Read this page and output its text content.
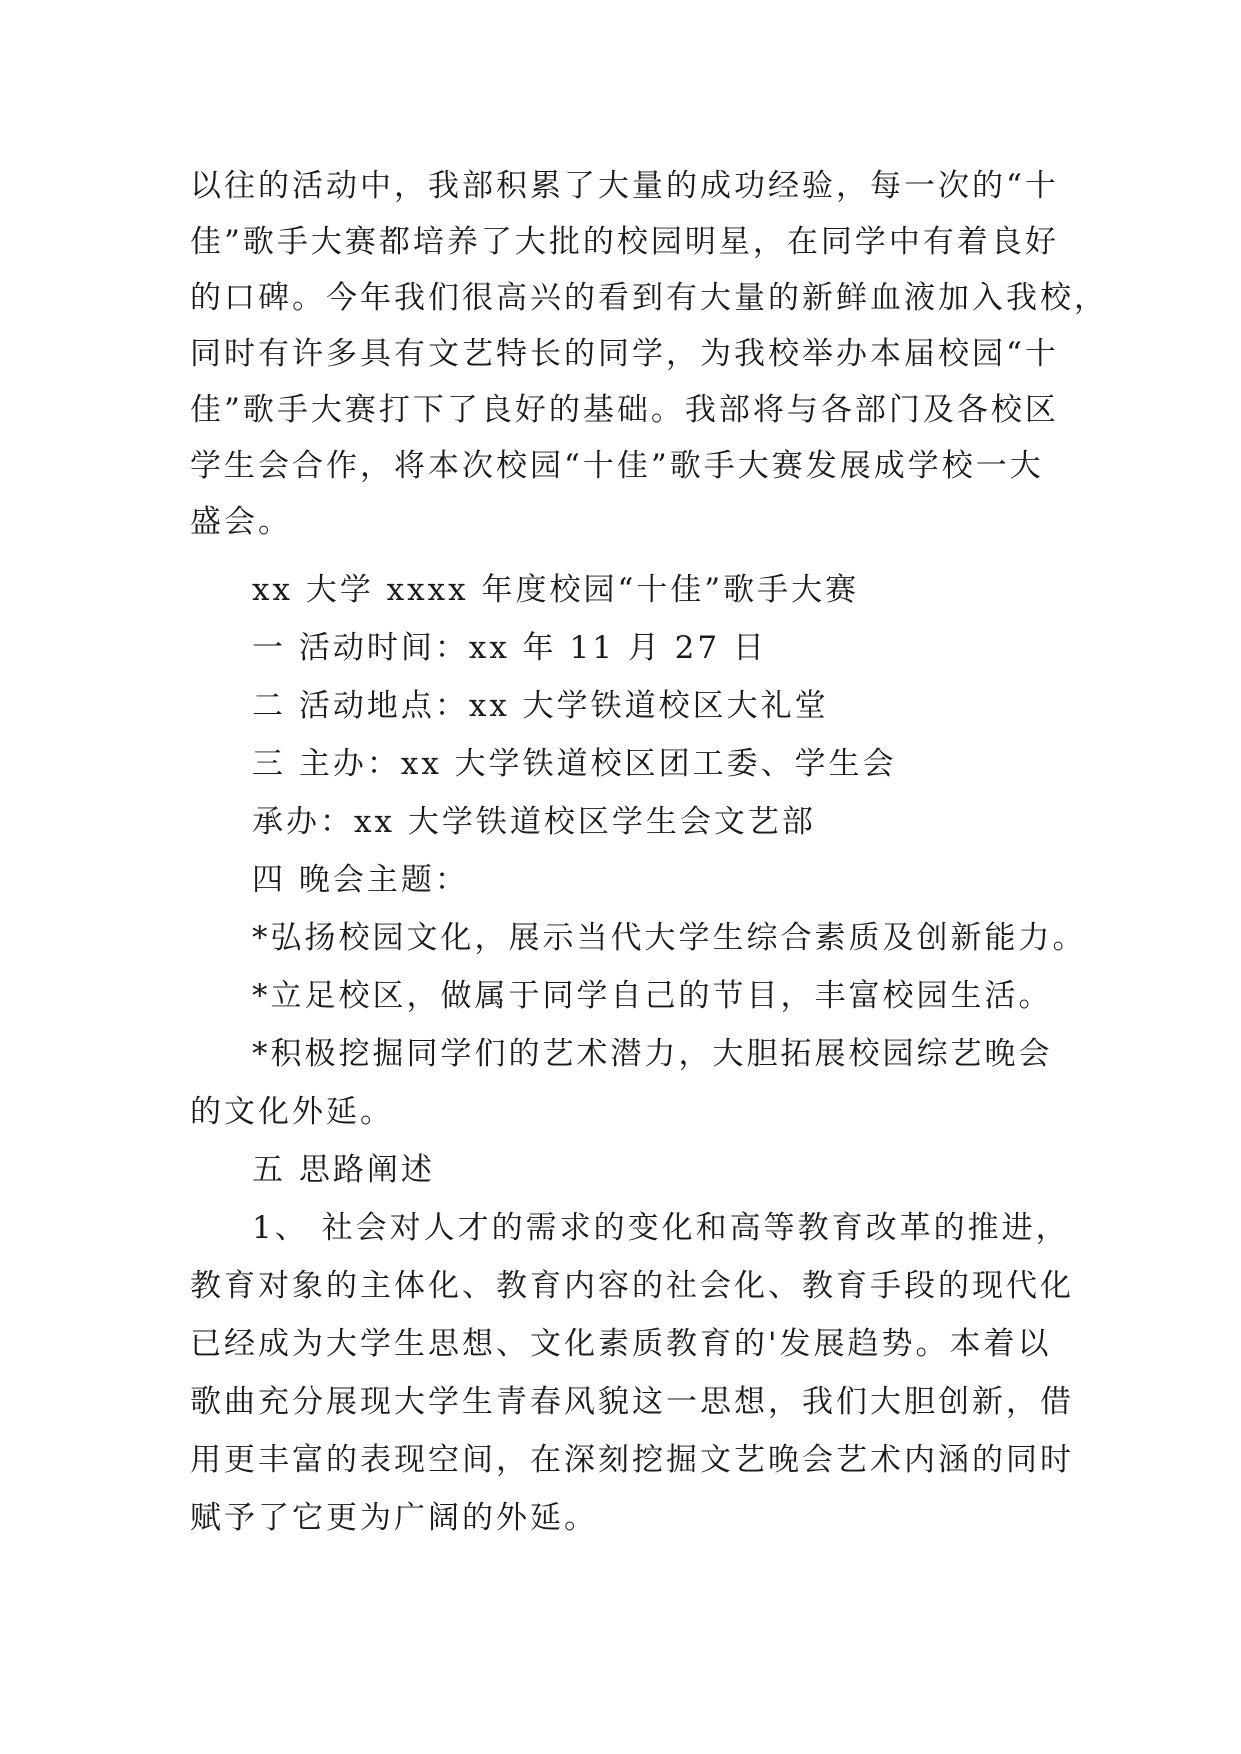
以往的活动中，我部积累了大量的成功经验，每一次的“十
佳”歌手大赛都培养了大批的校园明星，在同学中有着良好
的口碑。今年我们很高兴的看到有大量的新鲜血液加入我校，
同时有许多具有文艺特长的同学，为我校举办本届校园“十
佳”歌手大赛打下了良好的基础。我部将与各部门及各校区
学生会合作，将本次校园“十佳”歌手大赛发展成学校一大
盛会。
xx 大学 xxxx 年度校园“十佳”歌手大赛
一 活动时间：xx 年 11 月 27 日
二 活动地点：xx 大学铁道校区大礼堂
三 主办：xx 大学铁道校区团工委、学生会
承办：xx 大学铁道校区学生会文艺部
四 晚会主题：
*弘扬校园文化，展示当代大学生综合素质及创新能力。
*立足校区，做属于同学自己的节目，丰富校园生活。
*积极挖掘同学们的艺术潜力，大胆拓展校园综艺晚会
的文化外延。
五 思路阐述
1、 社会对人才的需求的变化和高等教育改革的推进，
教育对象的主体化、教育内容的社会化、教育手段的现代化
已经成为大学生思想、文化素质教育的'发展趋势。本着以
歌曲充分展现大学生青春风貌这一思想，我们大胆创新，借
用更丰富的表现空间，在深刻挖掘文艺晚会艺术内涵的同时
赋予了它更为广阔的外延。
